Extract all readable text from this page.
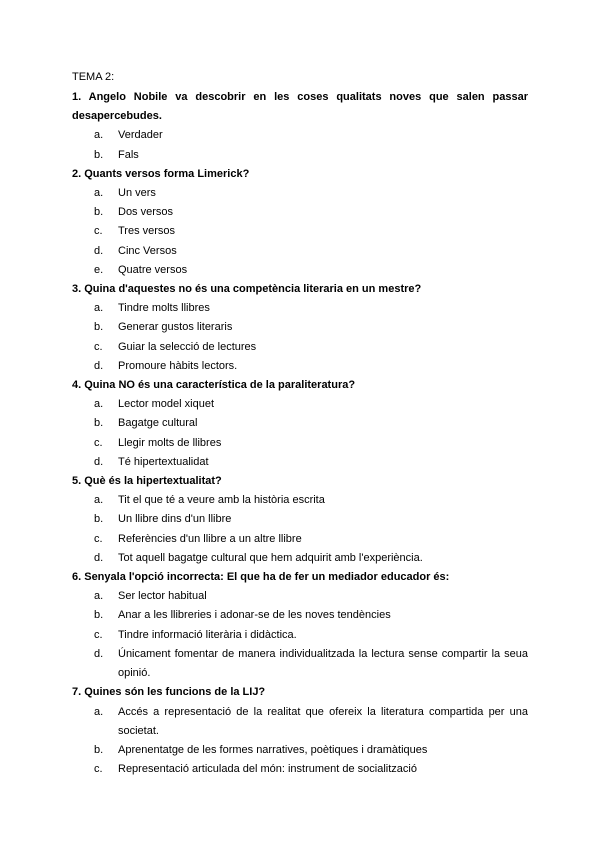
TEMA 2:
1. Angelo Nobile va descobrir en les coses qualitats noves que salen passar desapercebudes.
a.	Verdader
b.	Fals
2. Quants versos forma Limerick?
a.	Un vers
b.	Dos versos
c.	Tres versos
d.	Cinc Versos
e.	Quatre versos
3. Quina d'aquestes no és una competència literaria en un mestre?
a.	Tindre molts llibres
b.	Generar gustos literaris
c.	Guiar la selecció de lectures
d.	Promoure hàbits lectors.
4. Quina NO és una característica de la paraliteratura?
a.	Lector model xiquet
b.	Bagatge cultural
c.	Llegir molts de llibres
d.	Té hipertextualidat
5. Què és la hipertextualitat?
a.	Tit el que té a veure amb la història escrita
b.	Un llibre dins d'un llibre
c.	Referències d'un llibre a un altre llibre
d.	Tot aquell bagatge cultural que hem adquirit amb l'experiència.
6. Senyala l'opció incorrecta: El que ha de fer un mediador educador és:
a.	Ser lector habitual
b.	Anar a les llibreries i adonar-se de les noves tendències
c.	Tindre informació literària i didàctica.
d.	Únicament fomentar de manera individualitzada la lectura sense compartir la seua opinió.
7. Quines són les funcions de la LIJ?
a.	Accés a representació de la realitat que ofereix la literatura compartida per una societat.
b.	Aprenentatge de les formes narratives, poètiques i dramàtiques
c.	Representació articulada del món: instrument de socialització
